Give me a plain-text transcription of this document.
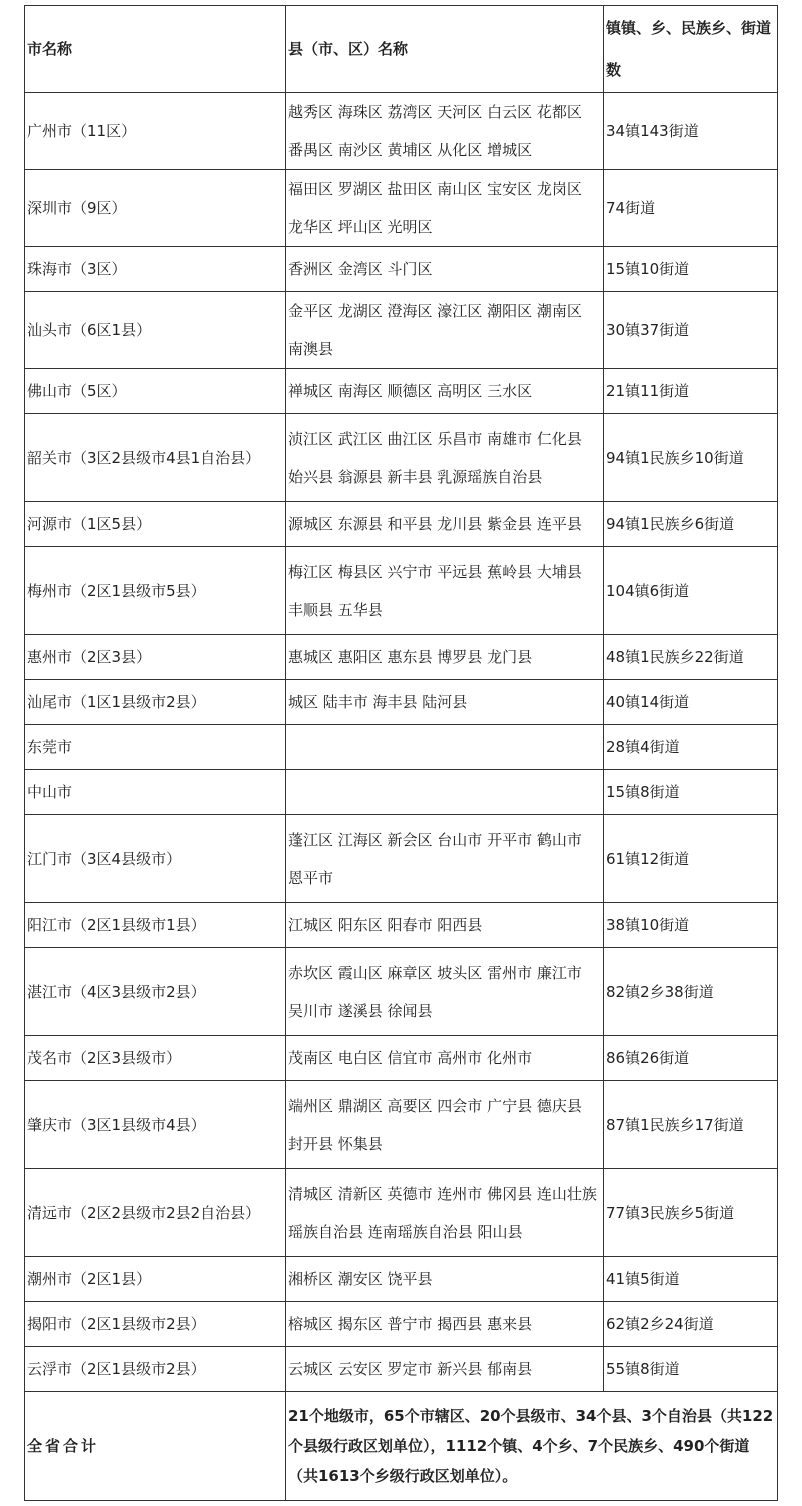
市名称	县（市、区）名称	镇镇、乡、民族乡、街道数
广州市（11区）	越秀区 海珠区 荔湾区 天河区 白云区 花都区 番禺区 南沙区 黄埔区 从化区 增城区	34镇143街道
深圳市（9区）	福田区 罗湖区 盐田区 南山区 宝安区 龙岗区 龙华区 坪山区 光明区	74街道
珠海市（3区）	香洲区 金湾区 斗门区	15镇10街道
汕头市（6区1县）	金平区 龙湖区 澄海区 濠江区 潮阳区 潮南区 南澳县	30镇37街道
佛山市（5区）	禅城区 南海区 顺德区 高明区 三水区	21镇11街道
韶关市（3区2县级市4县1自治县）	浈江区 武江区 曲江区 乐昌市 南雄市 仁化县 始兴县 翁源县 新丰县 乳源瑶族自治县	94镇1民族乡10街道
河源市（1区5县）	源城区 东源县 和平县 龙川县 紫金县 连平县	94镇1民族乡6街道
梅州市（2区1县级市5县）	梅江区 梅县区 兴宁市 平远县 蕉岭县 大埔县 丰顺县 五华县	104镇6街道
惠州市（2区3县）	惠城区 惠阳区 惠东县 博罗县 龙门县	48镇1民族乡22街道
汕尾市（1区1县级市2县）	城区 陆丰市 海丰县 陆河县	40镇14街道
东莞市		28镇4街道
中山市		15镇8街道
江门市（3区4县级市）	蓬江区 江海区 新会区 台山市 开平市 鹤山市 恩平市	61镇12街道
阳江市（2区1县级市1县）	江城区 阳东区 阳春市 阳西县	38镇10街道
湛江市（4区3县级市2县）	赤坎区 霞山区 麻章区 坡头区 雷州市 廉江市 吴川市 遂溪县 徐闻县	82镇2乡38街道
茂名市（2区3县级市）	茂南区 电白区 信宜市 高州市 化州市	86镇26街道
肇庆市（3区1县级市4县）	端州区 鼎湖区 高要区 四会市 广宁县 德庆县 封开县 怀集县	87镇1民族乡17街道
清远市（2区2县级市2县2自治县）	清城区 清新区 英德市 连州市 佛冈县 连山壮族瑶族自治县 连南瑶族自治县 阳山县	77镇3民族乡5街道
潮州市（2区1县）	湘桥区 潮安区 饶平县	41镇5街道
揭阳市（2区1县级市2县）	榕城区 揭东区 普宁市 揭西县 惠来县	62镇2乡24街道
云浮市（2区1县级市2县）	云城区 云安区 罗定市 新兴县 郁南县	55镇8街道
全省合计	21个地级市，65个市辖区、20个县级市、34个县、3个自治县（共122个县级行政区划单位），1112个镇、4个乡、7个民族乡、490个街道（共1613个乡级行政区划单位）。	
